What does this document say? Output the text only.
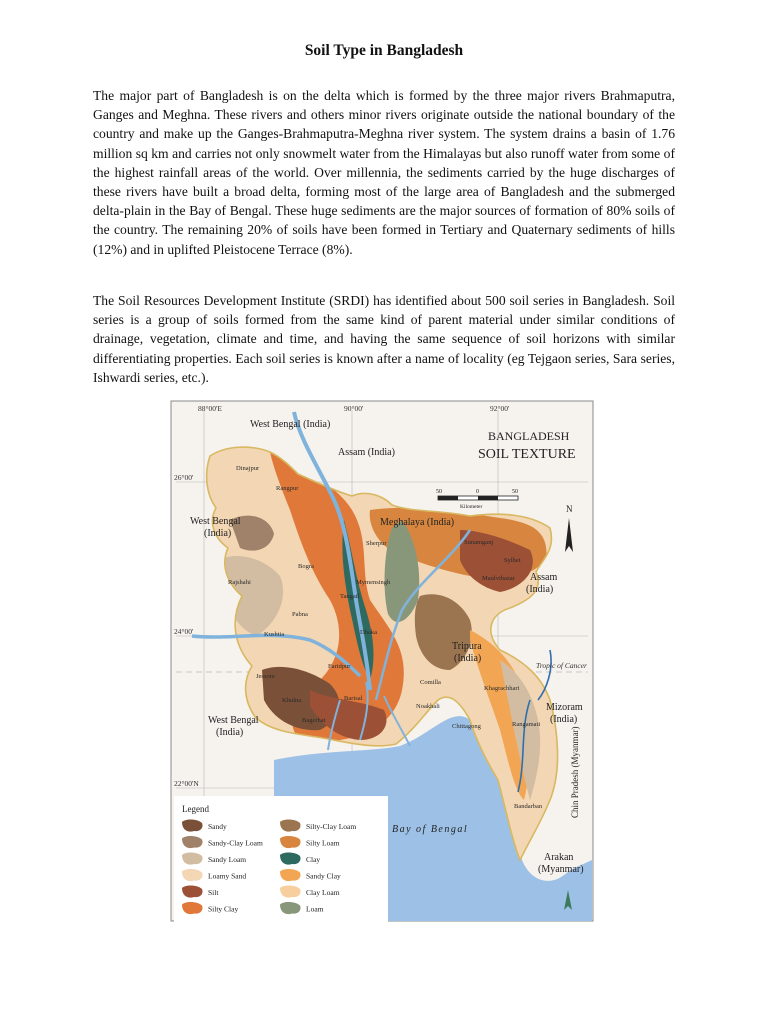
Soil Type in Bangladesh

The major part of Bangladesh is on the delta which is formed by the three major rivers Brahmaputra, Ganges and Meghna. These rivers and others minor rivers originate outside the national boundary of the country and make up the Ganges-Brahmaputra-Meghna river system. The system drains a basin of 1.76 million sq km and carries not only snowmelt water from the Himalayas but also runoff water from some of the highest rainfall areas of the world. Over millennia, the sediments carried by the huge discharges of these rivers have built a broad delta, forming most of the large area of Bangladesh and the submerged delta-plain in the Bay of Bengal. These huge sediments are the major sources of formation of 80% soils of the country. The remaining 20% of soils have been formed in Tertiary and Quaternary sediments of hills (12%) and in uplifted Pleistocene Terrace (8%).

The Soil Resources Development Institute (SRDI) has identified about 500 soil series in Bangladesh. Soil series is a group of soils formed from the same kind of parent material under similar conditions of drainage, vegetation, climate and time, and having the same sequence of soil horizons with similar differentiating properties. Each soil series is known after a name of locality (eg Tejgaon series, Sara series, Ishwardi series, etc.).

88°00'E	90°00'	92°00'
26°00'
24°00'
22°00'N
Tropic of Cancer
BANGLADESH
SOIL TEXTURE
50	0	50
Kilometer	N
West Bengal (India)
Assam (India)
Meghalaya (India)
West Bengal
(India)
Assam
(India)
Tripura
(India)
West Bengal
(India)
Mizoram
(India)
Arakan
(Myanmar)
Chin Pradesh (Myanmar)
Bay of Bengal
Dinajpur
Rangpur
Sherpur	Sunamganj
Sylhet
Maulvibazar
Bogra
Rajshahi	Mymensingh
Tangail
Pabna
Kushtia	Dhaka
Faridpur
Jessore
Khulna	Barisal
Bagerhat
Comilla
Noakhali
Khagrachhari
Chittagong	Rangamati
Bandarban
Legend
Sandy
Sandy-Clay Loam
Sandy Loam
Loamy Sand
Silt
Silty Clay
Silty-Clay Loam
Silty Loam
Clay
Sandy Clay
Clay Loam
Loam
